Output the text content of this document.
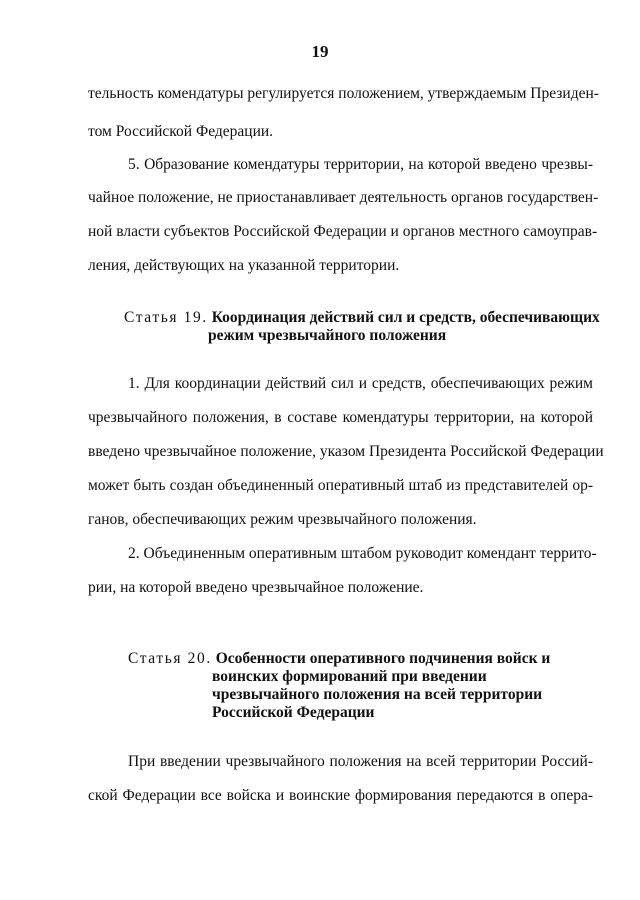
19
тельность комендатуры регулируется положением, утверждаемым Президен-
том Российской Федерации.
5. Образование комендатуры территории, на которой введено чрезвы-
чайное положение, не приостанавливает деятельность органов государствен-
ной власти субъектов Российской Федерации и органов местного самоуправ-
ления, действующих на указанной территории.
Статья 19. Координация действий сил и средств, обеспечивающих
режим чрезвычайного положения
1. Для координации действий сил и средств, обеспечивающих режим
чрезвычайного положения, в составе комендатуры территории, на которой
введено чрезвычайное положение, указом Президента Российской Федерации
может быть создан объединенный оперативный штаб из представителей ор-
ганов, обеспечивающих режим чрезвычайного положения.
2. Объединенным оперативным штабом руководит комендант террито-
рии, на которой введено чрезвычайное положение.
Статья 20. Особенности оперативного подчинения войск и
воинских формирований при введении
чрезвычайного положения на всей территории
Российской Федерации
При введении чрезвычайного положения на всей территории Россий-
ской Федерации все войска и воинские формирования передаются в опера-
